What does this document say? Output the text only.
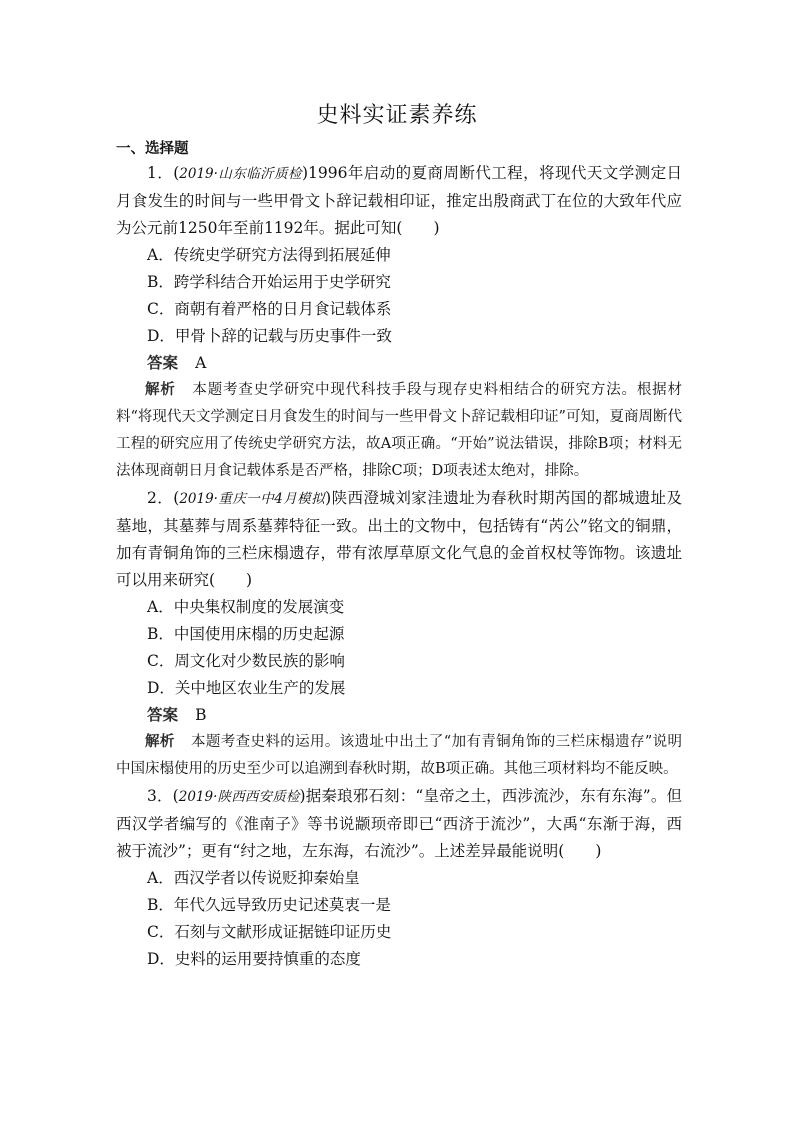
史料实证素养练
一、选择题

1．(2019·山东临沂质检)1996年启动的夏商周断代工程，将现代天文学测定日月食发生的时间与一些甲骨文卜辞记载相印证，推定出殷商武丁在位的大致年代应为公元前1250年至前1192年。据此可知(　　)

A．传统史学研究方法得到拓展延伸

B．跨学科结合开始运用于史学研究

C．商朝有着严格的日月食记载体系

D．甲骨卜辞的记载与历史事件一致

答案 A

解析 本题考查史学研究中现代科技手段与现存史料相结合的研究方法。根据材料“将现代天文学测定日月食发生的时间与一些甲骨文卜辞记载相印证”可知，夏商周断代工程的研究应用了传统史学研究方法，故A项正确。“开始”说法错误，排除B项；材料无法体现商朝日月食记载体系是否严格，排除C项；D项表述太绝对，排除。

2．(2019·重庆一中4月模拟)陕西澄城刘家洼遗址为春秋时期芮国的都城遗址及墓地，其墓葬与周系墓葬特征一致。出土的文物中，包括铸有“芮公”铭文的铜鼎，加有青铜角饰的三栏床榻遗存，带有浓厚草原文化气息的金首权杖等饰物。该遗址可以用来研究(　　)

A．中央集权制度的发展演变

B．中国使用床榻的历史起源

C．周文化对少数民族的影响

D．关中地区农业生产的发展

答案 B

解析 本题考查史料的运用。该遗址中出土了“加有青铜角饰的三栏床榻遗存”说明中国床榻使用的历史至少可以追溯到春秋时期，故B项正确。其他三项材料均不能反映。

3．(2019·陕西西安质检)据秦琅邪石刻：“皇帝之土，西涉流沙，东有东海”。但西汉学者编写的《淮南子》等书说颛顼帝即已“西济于流沙”，大禹“东渐于海，西被于流沙”；更有“纣之地，左东海，右流沙”。上述差异最能说明(　　)

A．西汉学者以传说贬抑秦始皇

B．年代久远导致历史记述莫衷一是

C．石刻与文献形成证据链印证历史

D．史料的运用要持慎重的态度
